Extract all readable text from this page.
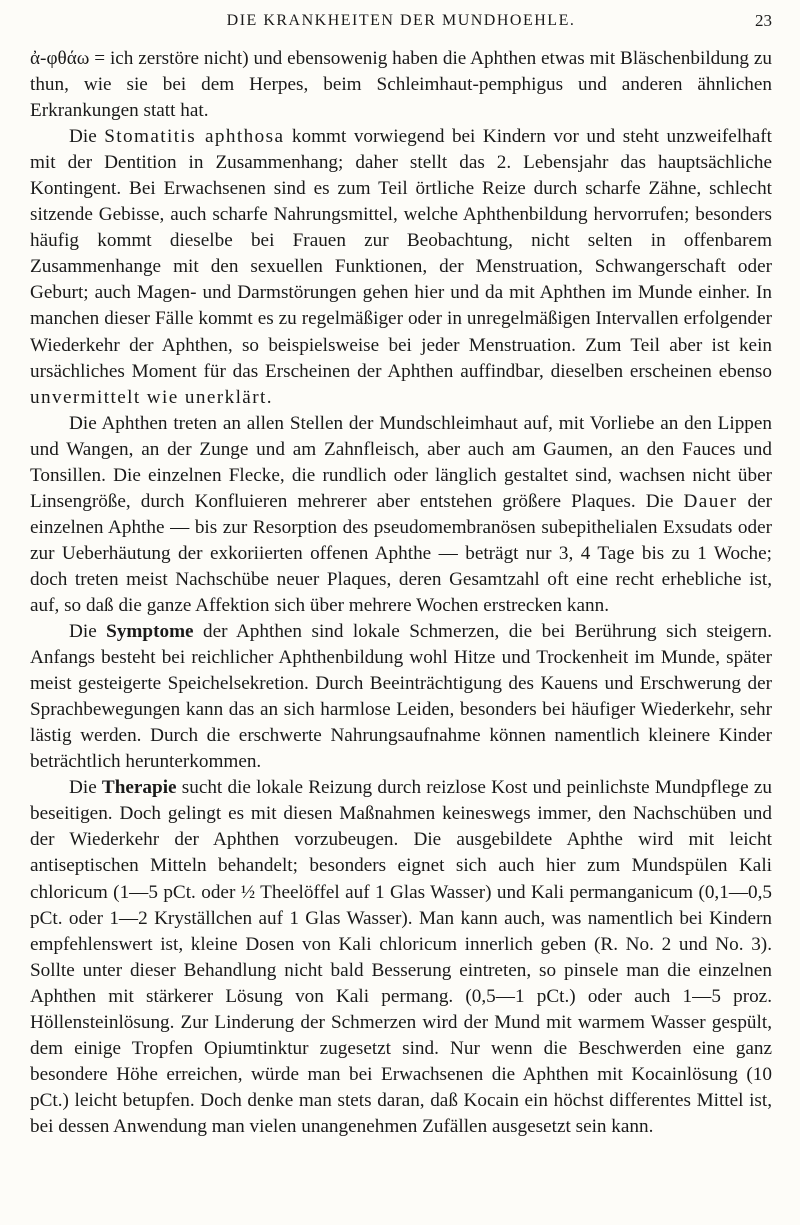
DIE KRANKHEITEN DER MUNDHOEHLE.	23

ἀ-φθάω = ich zerstöre nicht) und ebensowenig haben die Aphthen etwas mit Bläschenbildung zu thun, wie sie bei dem Herpes, beim Schleimhaut-pemphigus und anderen ähnlichen Erkrankungen statt hat.

Die Stomatitis aphthosa kommt vorwiegend bei Kindern vor und steht unzweifelhaft mit der Dentition in Zusammenhang; daher stellt das 2. Lebensjahr das hauptsächliche Kontingent. Bei Erwachsenen sind es zum Teil örtliche Reize durch scharfe Zähne, schlecht sitzende Gebisse, auch scharfe Nahrungsmittel, welche Aphthenbildung hervorrufen; besonders häufig kommt dieselbe bei Frauen zur Beobachtung, nicht selten in offenbarem Zusammenhange mit den sexuellen Funktionen, der Menstruation, Schwangerschaft oder Geburt; auch Magen- und Darmstörungen gehen hier und da mit Aphthen im Munde einher. In manchen dieser Fälle kommt es zu regelmäßiger oder in unregelmäßigen Intervallen erfolgender Wiederkehr der Aphthen, so beispielsweise bei jeder Menstruation. Zum Teil aber ist kein ursächliches Moment für das Erscheinen der Aphthen auffindbar, dieselben erscheinen ebenso unvermittelt wie unerklärt.

Die Aphthen treten an allen Stellen der Mundschleimhaut auf, mit Vorliebe an den Lippen und Wangen, an der Zunge und am Zahnfleisch, aber auch am Gaumen, an den Fauces und Tonsillen. Die einzelnen Flecke, die rundlich oder länglich gestaltet sind, wachsen nicht über Linsengröße, durch Konfluieren mehrerer aber entstehen größere Plaques. Die Dauer der einzelnen Aphthe — bis zur Resorption des pseudomembranösen subepithelialen Exsudats oder zur Ueberhäutung der exkoriierten offenen Aphthe — beträgt nur 3, 4 Tage bis zu 1 Woche; doch treten meist Nachschübe neuer Plaques, deren Gesamtzahl oft eine recht erhebliche ist, auf, so daß die ganze Affektion sich über mehrere Wochen erstrecken kann.

Die Symptome der Aphthen sind lokale Schmerzen, die bei Berührung sich steigern. Anfangs besteht bei reichlicher Aphthenbildung wohl Hitze und Trockenheit im Munde, später meist gesteigerte Speichelsekretion. Durch Beeinträchtigung des Kauens und Erschwerung der Sprachbewegungen kann das an sich harmlose Leiden, besonders bei häufiger Wiederkehr, sehr lästig werden. Durch die erschwerte Nahrungsaufnahme können namentlich kleinere Kinder beträchtlich herunterkommen.

Die Therapie sucht die lokale Reizung durch reizlose Kost und peinlichste Mundpflege zu beseitigen. Doch gelingt es mit diesen Maßnahmen keineswegs immer, den Nachschüben und der Wiederkehr der Aphthen vorzubeugen. Die ausgebildete Aphthe wird mit leicht antiseptischen Mitteln behandelt; besonders eignet sich auch hier zum Mundspülen Kali chloricum (1—5 pCt. oder ½ Theelöffel auf 1 Glas Wasser) und Kali permanganicum (0,1—0,5 pCt. oder 1—2 Kryställchen auf 1 Glas Wasser). Man kann auch, was namentlich bei Kindern empfehlenswert ist, kleine Dosen von Kali chloricum innerlich geben (R. No. 2 und No. 3). Sollte unter dieser Behandlung nicht bald Besserung eintreten, so pinsele man die einzelnen Aphthen mit stärkerer Lösung von Kali permang. (0,5—1 pCt.) oder auch 1—5 proz. Höllensteinlösung. Zur Linderung der Schmerzen wird der Mund mit warmem Wasser gespült, dem einige Tropfen Opiumtinktur zugesetzt sind. Nur wenn die Beschwerden eine ganz besondere Höhe erreichen, würde man bei Erwachsenen die Aphthen mit Kocainlösung (10 pCt.) leicht betupfen. Doch denke man stets daran, daß Kocain ein höchst differentes Mittel ist, bei dessen Anwendung man vielen unangenehmen Zufällen ausgesetzt sein kann.
